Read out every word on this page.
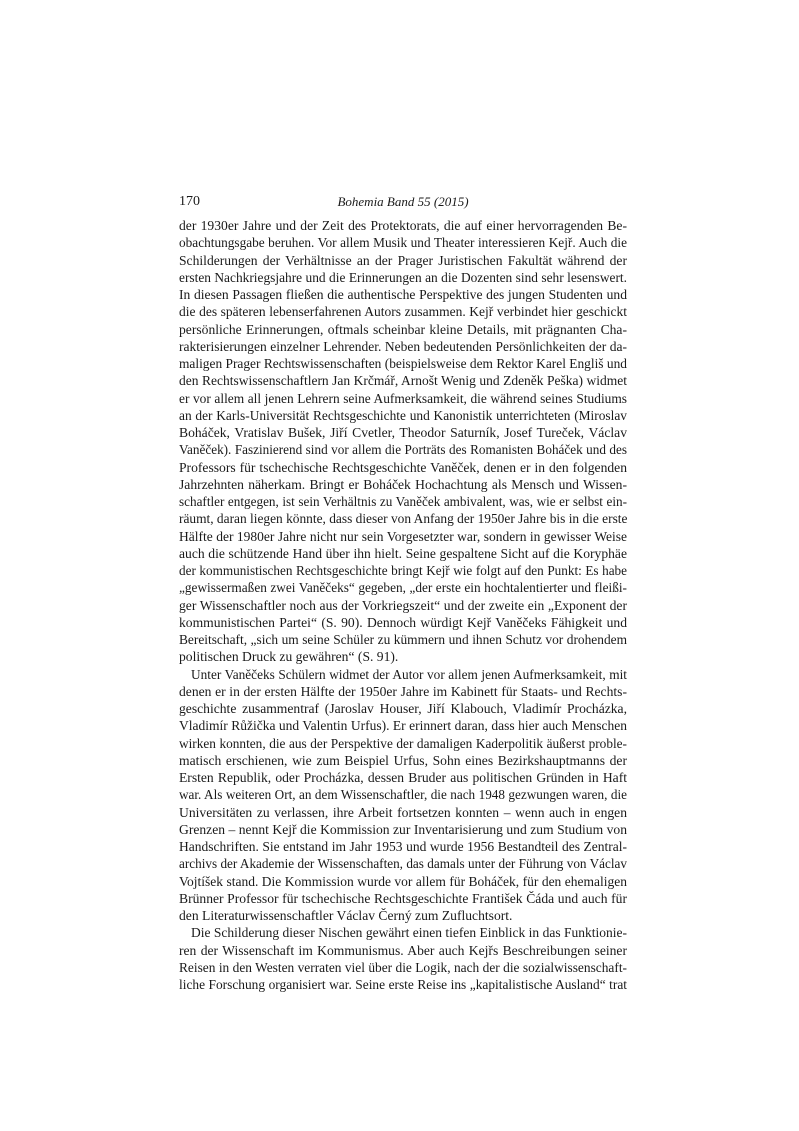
170	Bohemia Band 55 (2015)
der 1930er Jahre und der Zeit des Protektorats, die auf einer hervorragenden Be-
obachtungsgabe beruhen. Vor allem Musik und Theater interessieren Kejř. Auch die
Schilderungen der Verhältnisse an der Prager Juristischen Fakultät während der
ersten Nachkriegsjahre und die Erinnerungen an die Dozenten sind sehr lesenswert.
In diesen Passagen fließen die authentische Perspektive des jungen Studenten und
die des späteren lebenserfahrenen Autors zusammen. Kejř verbindet hier geschickt
persönliche Erinnerungen, oftmals scheinbar kleine Details, mit prägnanten Cha-
rakterisierungen einzelner Lehrender. Neben bedeutenden Persönlichkeiten der da-
maligen Prager Rechtswissenschaften (beispielsweise dem Rektor Karel Engliš und
den Rechtswissenschaftlern Jan Krčmář, Arnošt Wenig und Zdeněk Peška) widmet
er vor allem all jenen Lehrern seine Aufmerksamkeit, die während seines Studiums
an der Karls-Universität Rechtsgeschichte und Kanonistik unterrichteten (Miroslav
Boháček, Vratislav Bušek, Jiří Cvetler, Theodor Saturník, Josef Tureček, Václav
Vaněček). Faszinierend sind vor allem die Porträts des Romanisten Boháček und des
Professors für tschechische Rechtsgeschichte Vaněček, denen er in den folgenden
Jahrzehnten näherkam. Bringt er Boháček Hochachtung als Mensch und Wissen-
schaftler entgegen, ist sein Verhältnis zu Vaněček ambivalent, was, wie er selbst ein-
räumt, daran liegen könnte, dass dieser von Anfang der 1950er Jahre bis in die erste
Hälfte der 1980er Jahre nicht nur sein Vorgesetzter war, sondern in gewisser Weise
auch die schützende Hand über ihn hielt. Seine gespaltene Sicht auf die Koryphäe
der kommunistischen Rechtsgeschichte bringt Kejř wie folgt auf den Punkt: Es habe
„gewissermaßen zwei Vaněčeks“ gegeben, „der erste ein hochtalentierter und fleißi-
ger Wissenschaftler noch aus der Vorkriegszeit“ und der zweite ein „Exponent der
kommunistischen Partei“ (S. 90). Dennoch würdigt Kejř Vaněčeks Fähigkeit und
Bereitschaft, „sich um seine Schüler zu kümmern und ihnen Schutz vor drohendem
politischen Druck zu gewähren“ (S. 91).
Unter Vaněčeks Schülern widmet der Autor vor allem jenen Aufmerksamkeit, mit
denen er in der ersten Hälfte der 1950er Jahre im Kabinett für Staats- und Rechts-
geschichte zusammentraf (Jaroslav Houser, Jiří Klabouch, Vladimír Procházka,
Vladimír Růžička und Valentin Urfus). Er erinnert daran, dass hier auch Menschen
wirken konnten, die aus der Perspektive der damaligen Kaderpolitik äußerst proble-
matisch erschienen, wie zum Beispiel Urfus, Sohn eines Bezirkshauptmanns der
Ersten Republik, oder Procházka, dessen Bruder aus politischen Gründen in Haft
war. Als weiteren Ort, an dem Wissenschaftler, die nach 1948 gezwungen waren, die
Universitäten zu verlassen, ihre Arbeit fortsetzen konnten – wenn auch in engen
Grenzen – nennt Kejř die Kommission zur Inventarisierung und zum Studium von
Handschriften. Sie entstand im Jahr 1953 und wurde 1956 Bestandteil des Zentral-
archivs der Akademie der Wissenschaften, das damals unter der Führung von Václav
Vojtíšek stand. Die Kommission wurde vor allem für Boháček, für den ehemaligen
Brünner Professor für tschechische Rechtsgeschichte František Čáda und auch für
den Literaturwissenschaftler Václav Černý zum Zufluchtsort.
Die Schilderung dieser Nischen gewährt einen tiefen Einblick in das Funktionie-
ren der Wissenschaft im Kommunismus. Aber auch Kejřs Beschreibungen seiner
Reisen in den Westen verraten viel über die Logik, nach der die sozialwissenschaft-
liche Forschung organisiert war. Seine erste Reise ins „kapitalistische Ausland“ trat
